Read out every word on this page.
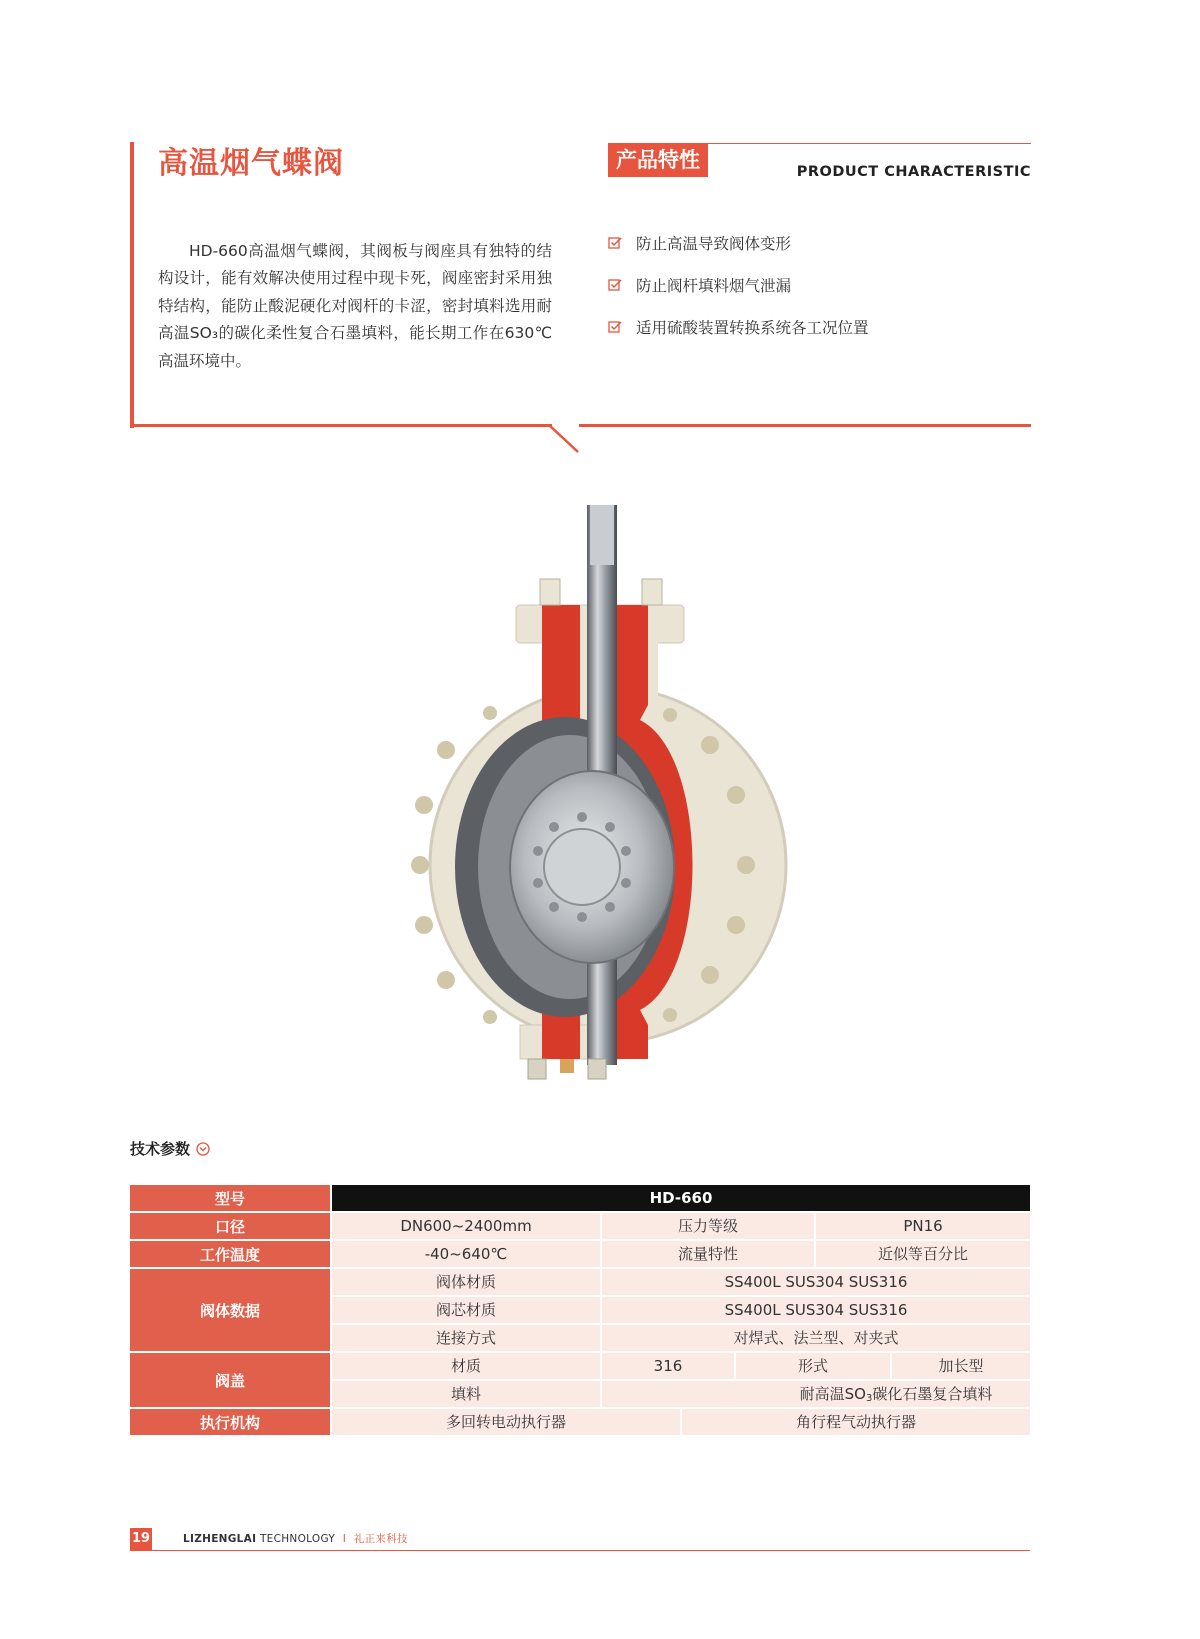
高温烟气蝶阀

HD-660高温烟气蝶阀，其阀板与阀座具有独特的结构设计，能有效解决使用过程中现卡死，阀座密封采用独特结构，能防止酸泥硬化对阀杆的卡涩，密封填料选用耐高温SO₃的碳化柔性复合石墨填料，能长期工作在630℃高温环境中。

产品特性	PRODUCT CHARACTERISTIC
防止高温导致阀体变形
防止阀杆填料烟气泄漏
适用硫酸装置转换系统各工况位置
技术参数
型号	HD-660
口径	DN600~2400mm	压力等级	PN16
工作温度	-40~640℃	流量特性	近似等百分比
阀体数据
阀体材质	SS400L SUS304 SUS316
阀芯材质	SS400L SUS304 SUS316
连接方式	对焊式、法兰型、对夹式
阀盖
材质	316	形式	加长型
填料	耐高温$SO_3$碳化石墨复合填料
执行机构	多回转电动执行器	角行程气动执行器
19	LIZHENGLAI TECHNOLOGY I 礼正来科技
